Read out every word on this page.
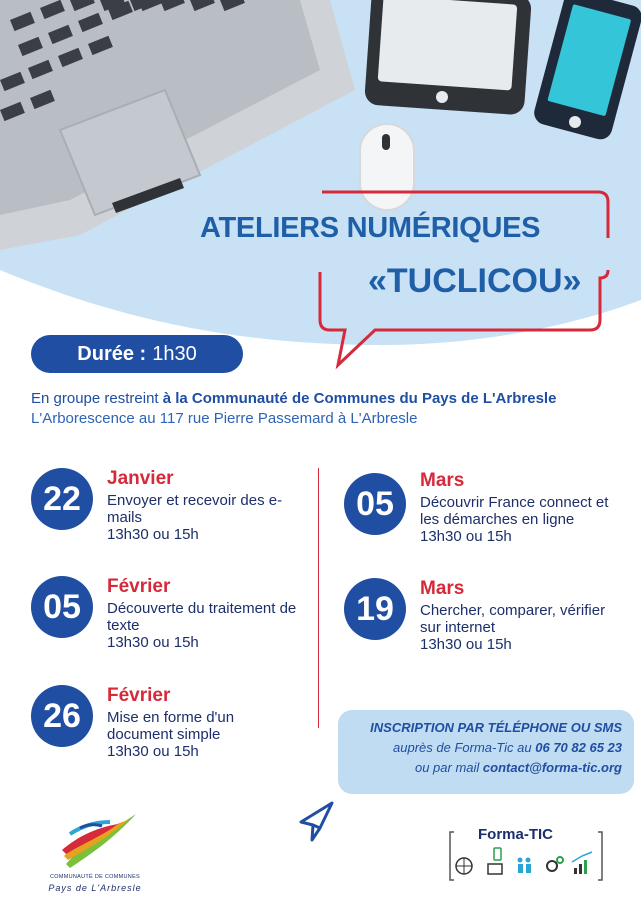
ATELIERS NUMÉRIQUES
«TUCLICOU»
Durée : 1h30
En groupe restreint à la Communauté de Communes du Pays de L'Arbresle
L'Arborescence au 117 rue Pierre Passemard à L'Arbresle
22
Janvier
Envoyer et recevoir des e-mails
13h30 ou 15h
05
Février
Découverte du traitement de texte
13h30 ou 15h
26
Février
Mise en forme d'un document simple
13h30 ou 15h
05
Mars
Découvrir France connect et les démarches en ligne
13h30 ou 15h
19
Mars
Chercher, comparer, vérifier sur internet
13h30 ou 15h
INSCRIPTION PAR TÉLÉPHONE OU SMS
auprès de Forma-Tic au 06 70 82 65 23
ou par mail contact@forma-tic.org
COMMUNAUTÉ DE COMMUNES
Pays de L'Arbresle
Forma-TIC
